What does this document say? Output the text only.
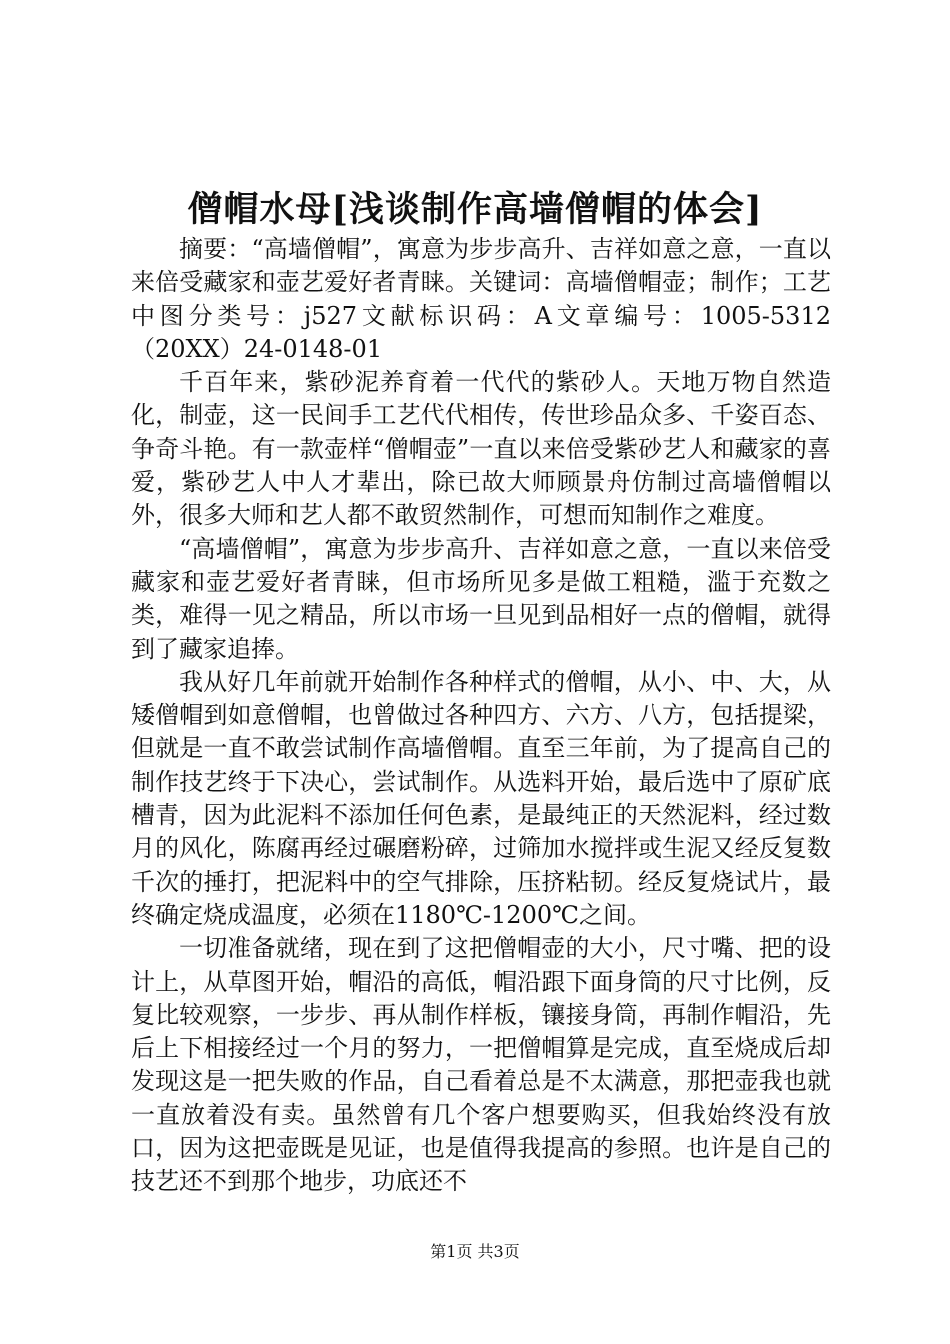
僧帽水母[浅谈制作高墙僧帽的体会]

摘要：“高墙僧帽”，寓意为步步高升、吉祥如意之意，一直以来倍受藏家和壶艺爱好者青睐。关键词：高墙僧帽壶；制作；工艺中图分类号：j527文献标识码：A文章编号：1005-5312（20XX）24-0148-01

千百年来，紫砂泥养育着一代代的紫砂人。天地万物自然造化，制壶，这一民间手工艺代代相传，传世珍品众多、千姿百态、争奇斗艳。有一款壶样“僧帽壶”一直以来倍受紫砂艺人和藏家的喜爱，紫砂艺人中人才辈出，除已故大师顾景舟仿制过高墙僧帽以外，很多大师和艺人都不敢贸然制作，可想而知制作之难度。

“高墙僧帽”，寓意为步步高升、吉祥如意之意，一直以来倍受藏家和壶艺爱好者青睐，但市场所见多是做工粗糙，滥于充数之类，难得一见之精品，所以市场一旦见到品相好一点的僧帽，就得到了藏家追捧。

我从好几年前就开始制作各种样式的僧帽，从小、中、大，从矮僧帽到如意僧帽，也曾做过各种四方、六方、八方，包括提梁，但就是一直不敢尝试制作高墙僧帽。直至三年前，为了提高自己的制作技艺终于下决心，尝试制作。从选料开始，最后选中了原矿底槽青，因为此泥料不添加任何色素，是最纯正的天然泥料，经过数月的风化，陈腐再经过碾磨粉碎，过筛加水搅拌或生泥又经反复数千次的捶打，把泥料中的空气排除，压挤粘韧。经反复烧试片，最终确定烧成温度，必须在1180℃-1200℃之间。

一切准备就绪，现在到了这把僧帽壶的大小，尺寸嘴、把的设计上，从草图开始，帽沿的高低，帽沿跟下面身筒的尺寸比例，反复比较观察，一步步、再从制作样板，镶接身筒，再制作帽沿，先后上下相接经过一个月的努力，一把僧帽算是完成，直至烧成后却发现这是一把失败的作品，自己看着总是不太满意，那把壶我也就一直放着没有卖。虽然曾有几个客户想要购买，但我始终没有放口，因为这把壶既是见证，也是值得我提高的参照。也许是自己的技艺还不到那个地步，功底还不

第1页 共3页
